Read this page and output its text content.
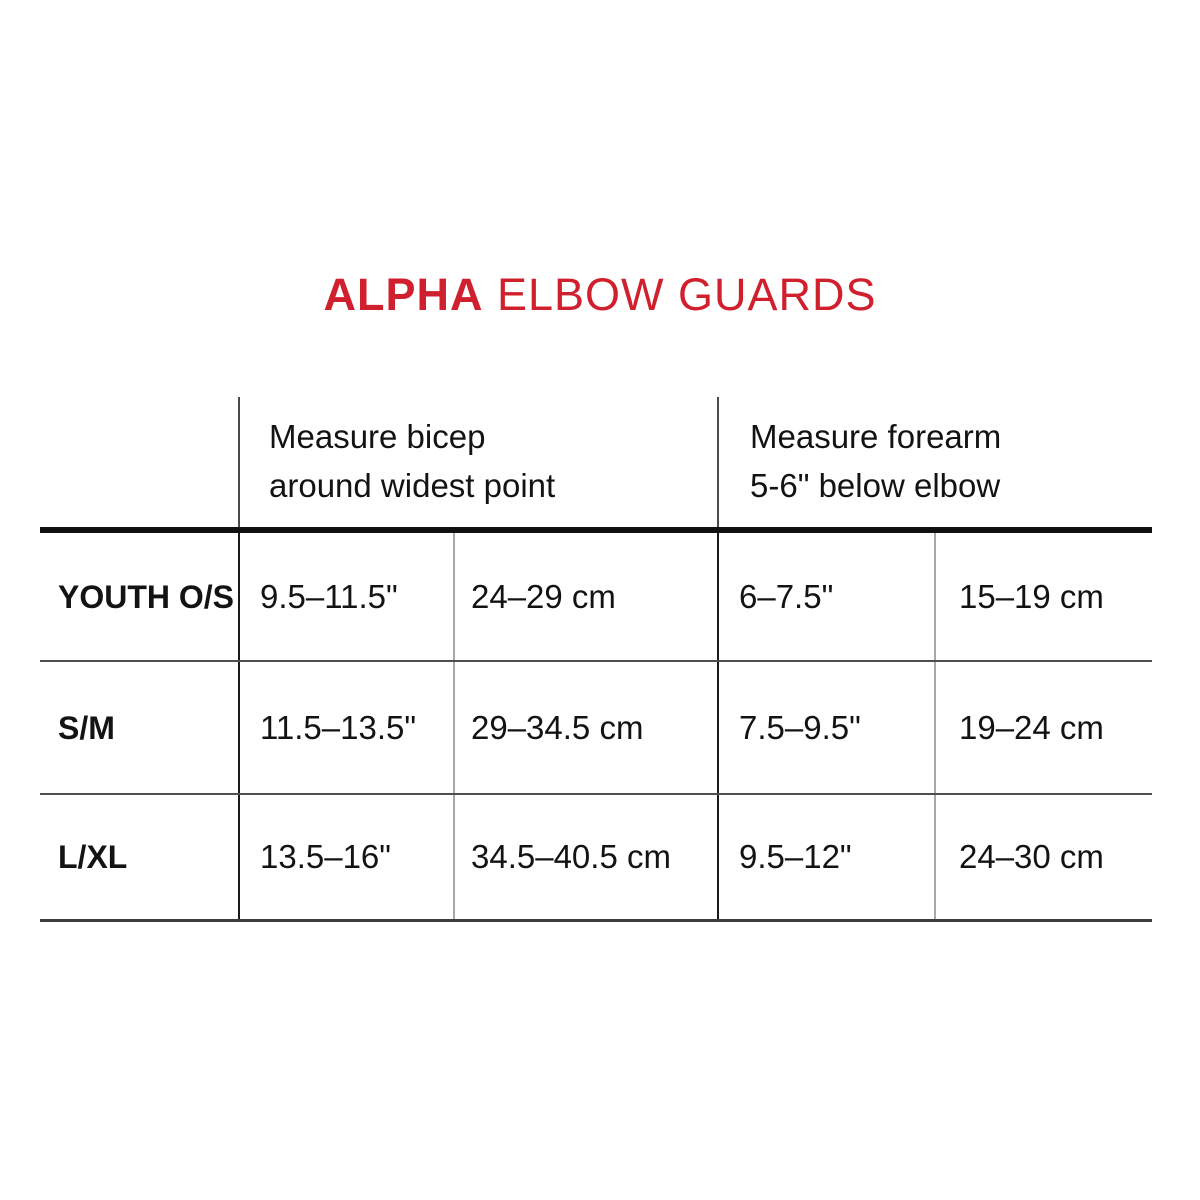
ALPHA ELBOW GUARDS
Measure bicep
around widest point
Measure forearm
5-6" below elbow
YOUTH O/S 9.5–11.5"	24–29 cm	6–7.5"	15–19 cm
S/M	11.5–13.5"	29–34.5 cm	7.5–9.5"	19–24 cm
L/XL	13.5–16"	34.5–40.5 cm	9.5–12"	24–30 cm
